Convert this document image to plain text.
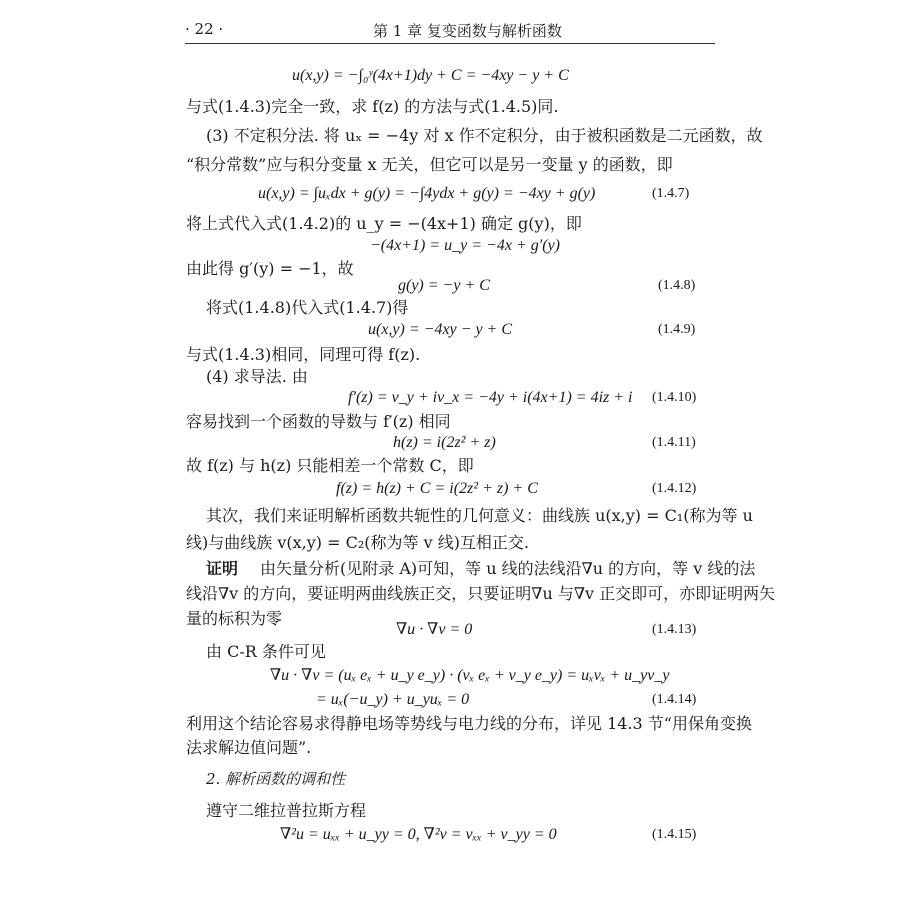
· 22 ·	第 1 章 复变函数与解析函数
u(x,y) = −∫₀ʸ(4x+1)dy + C = −4xy − y + C
与式(1.4.3)完全一致，求 f(z) 的方法与式(1.4.5)同.
(3) 不定积分法. 将 uₓ = −4y 对 x 作不定积分，由于被积函数是二元函数，故
“积分常数”应与积分变量 x 无关，但它可以是另一变量 y 的函数，即
u(x,y) = ∫uₓdx + g(y) = −∫4ydx + g(y) = −4xy + g(y)	(1.4.7)
将上式代入式(1.4.2)的 u_y = −(4x+1) 确定 g(y)，即
−(4x+1) = u_y = −4x + g′(y)
由此得 g′(y) = −1，故
g(y) = −y + C	(1.4.8)
将式(1.4.8)代入式(1.4.7)得
u(x,y) = −4xy − y + C	(1.4.9)
与式(1.4.3)相同，同理可得 f(z).
(4) 求导法. 由
f′(z) = v_y + iv_x = −4y + i(4x+1) = 4iz + i (1.4.10)
容易找到一个函数的导数与 f′(z) 相同
h(z) = i(2z² + z)	(1.4.11)
故 f(z) 与 h(z) 只能相差一个常数 C，即
f(z) = h(z) + C = i(2z² + z) + C	(1.4.12)
其次，我们来证明解析函数共轭性的几何意义：曲线族 u(x,y) = C₁(称为等 u
线)与曲线族 v(x,y) = C₂(称为等 v 线)互相正交.
证明 由矢量分析(见附录 A)可知，等 u 线的法线沿∇u 的方向，等 v 线的法
线沿∇v 的方向，要证明两曲线族正交，只要证明∇u 与∇v 正交即可，亦即证明两矢
量的标积为零
∇u · ∇v = 0	(1.4.13)
由 C-R 条件可见
∇u · ∇v = (uₓ eₓ + u_y e_y) · (vₓ eₓ + v_y e_y) = uₓvₓ + u_yv_y
= uₓ(−u_y) + u_yuₓ = 0	(1.4.14)
利用这个结论容易求得静电场等势线与电力线的分布，详见 14.3 节“用保角变换
法求解边值问题”.
2. 解析函数的调和性
遵守二维拉普拉斯方程
∇²u = uₓₓ + u_yy = 0, ∇²v = vₓₓ + v_yy = 0	(1.4.15)
